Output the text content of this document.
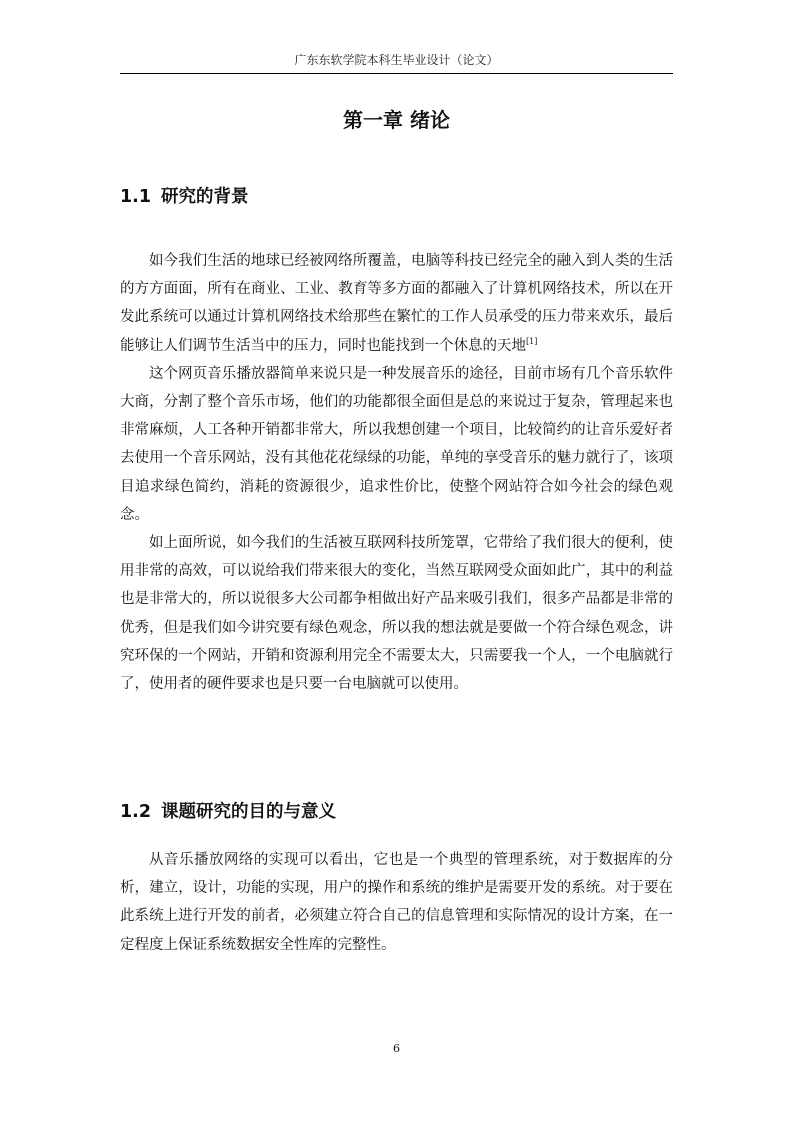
广东东软学院本科生毕业设计（论文）
第一章 绪论
1.1 研究的背景

如今我们生活的地球已经被网络所覆盖，电脑等科技已经完全的融入到人类的生活的方方面面，所有在商业、工业、教育等多方面的都融入了计算机网络技术，所以在开发此系统可以通过计算机网络技术给那些在繁忙的工作人员承受的压力带来欢乐，最后能够让人们调节生活当中的压力，同时也能找到一个休息的天地[1]

这个网页音乐播放器简单来说只是一种发展音乐的途径，目前市场有几个音乐软件大商，分割了整个音乐市场，他们的功能都很全面但是总的来说过于复杂，管理起来也非常麻烦，人工各种开销都非常大，所以我想创建一个项目，比较简约的让音乐爱好者去使用一个音乐网站，没有其他花花绿绿的功能，单纯的享受音乐的魅力就行了，该项目追求绿色简约，消耗的资源很少，追求性价比，使整个网站符合如今社会的绿色观念。

如上面所说，如今我们的生活被互联网科技所笼罩，它带给了我们很大的便利，使用非常的高效，可以说给我们带来很大的变化，当然互联网受众面如此广，其中的利益也是非常大的，所以说很多大公司都争相做出好产品来吸引我们，很多产品都是非常的优秀，但是我们如今讲究要有绿色观念，所以我的想法就是要做一个符合绿色观念，讲究环保的一个网站，开销和资源利用完全不需要太大，只需要我一个人，一个电脑就行了，使用者的硬件要求也是只要一台电脑就可以使用。

1.2 课题研究的目的与意义

从音乐播放网络的实现可以看出，它也是一个典型的管理系统，对于数据库的分析，建立，设计，功能的实现，用户的操作和系统的维护是需要开发的系统。对于要在此系统上进行开发的前者，必须建立符合自己的信息管理和实际情况的设计方案，在一定程度上保证系统数据安全性库的完整性。

6
